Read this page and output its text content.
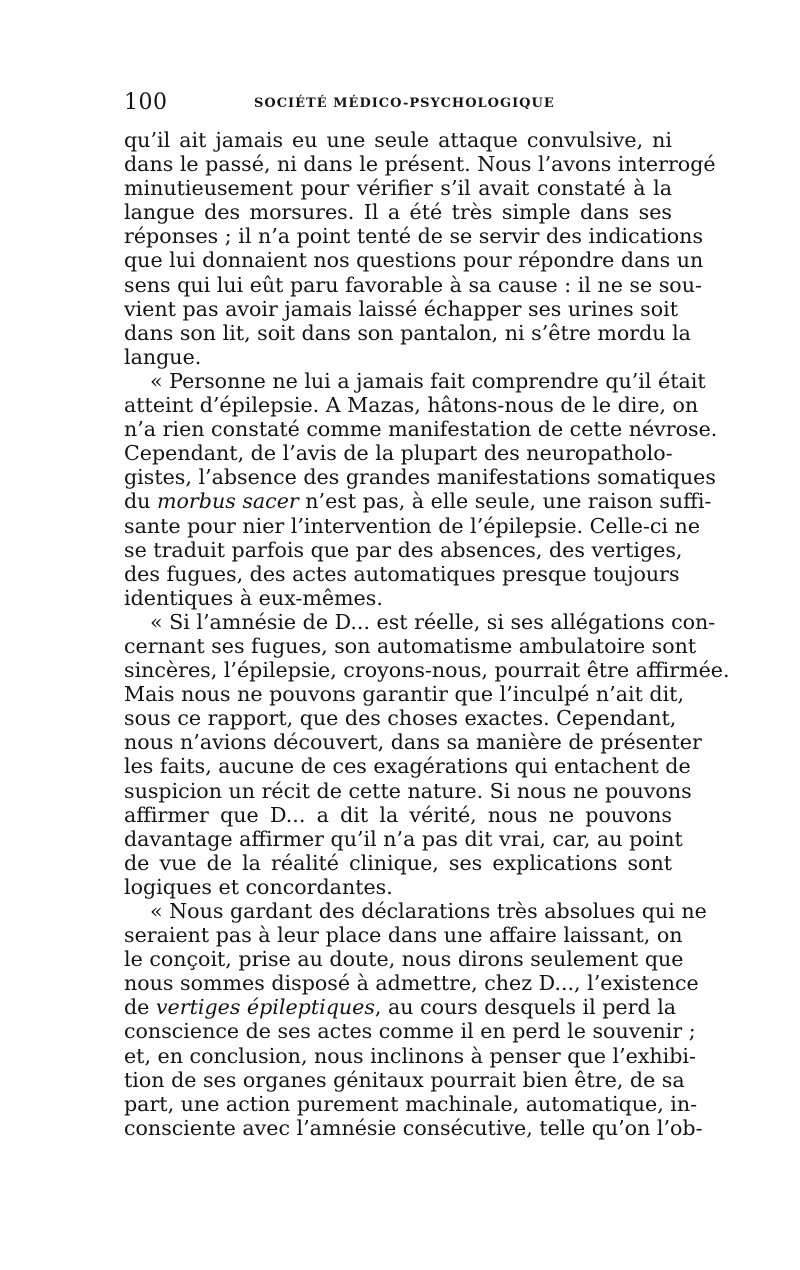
100	SOCIÉTÉ MÉDICO-PSYCHOLOGIQUE
qu’il ait jamais eu une seule attaque convulsive, ni
dans le passé, ni dans le présent. Nous l’avons interrogé
minutieusement pour vérifier s’il avait constaté à la
langue des morsures. Il a été très simple dans ses
réponses ; il n’a point tenté de se servir des indications
que lui donnaient nos questions pour répondre dans un
sens qui lui eût paru favorable à sa cause : il ne se sou-
vient pas avoir jamais laissé échapper ses urines soit
dans son lit, soit dans son pantalon, ni s’être mordu la
langue.
« Personne ne lui a jamais fait comprendre qu’il était
atteint d’épilepsie. A Mazas, hâtons-nous de le dire, on
n’a rien constaté comme manifestation de cette névrose.
Cependant, de l’avis de la plupart des neuropatholo-
gistes, l’absence des grandes manifestations somatiques
du morbus sacer n’est pas, à elle seule, une raison suffi-
sante pour nier l’intervention de l’épilepsie. Celle-ci ne
se traduit parfois que par des absences, des vertiges,
des fugues, des actes automatiques presque toujours
identiques à eux-mêmes.
« Si l’amnésie de D... est réelle, si ses allégations con-
cernant ses fugues, son automatisme ambulatoire sont
sincères, l’épilepsie, croyons-nous, pourrait être affirmée.
Mais nous ne pouvons garantir que l’inculpé n’ait dit,
sous ce rapport, que des choses exactes. Cependant,
nous n’avions découvert, dans sa manière de présenter
les faits, aucune de ces exagérations qui entachent de
suspicion un récit de cette nature. Si nous ne pouvons
affirmer que D... a dit la vérité, nous ne pouvons
davantage affirmer qu’il n’a pas dit vrai, car, au point
de vue de la réalité clinique, ses explications sont
logiques et concordantes.
« Nous gardant des déclarations très absolues qui ne
seraient pas à leur place dans une affaire laissant, on
le conçoit, prise au doute, nous dirons seulement que
nous sommes disposé à admettre, chez D..., l’existence
de vertiges épileptiques, au cours desquels il perd la
conscience de ses actes comme il en perd le souvenir ;
et, en conclusion, nous inclinons à penser que l’exhibi-
tion de ses organes génitaux pourrait bien être, de sa
part, une action purement machinale, automatique, in-
consciente avec l’amnésie consécutive, telle qu’on l’ob-
